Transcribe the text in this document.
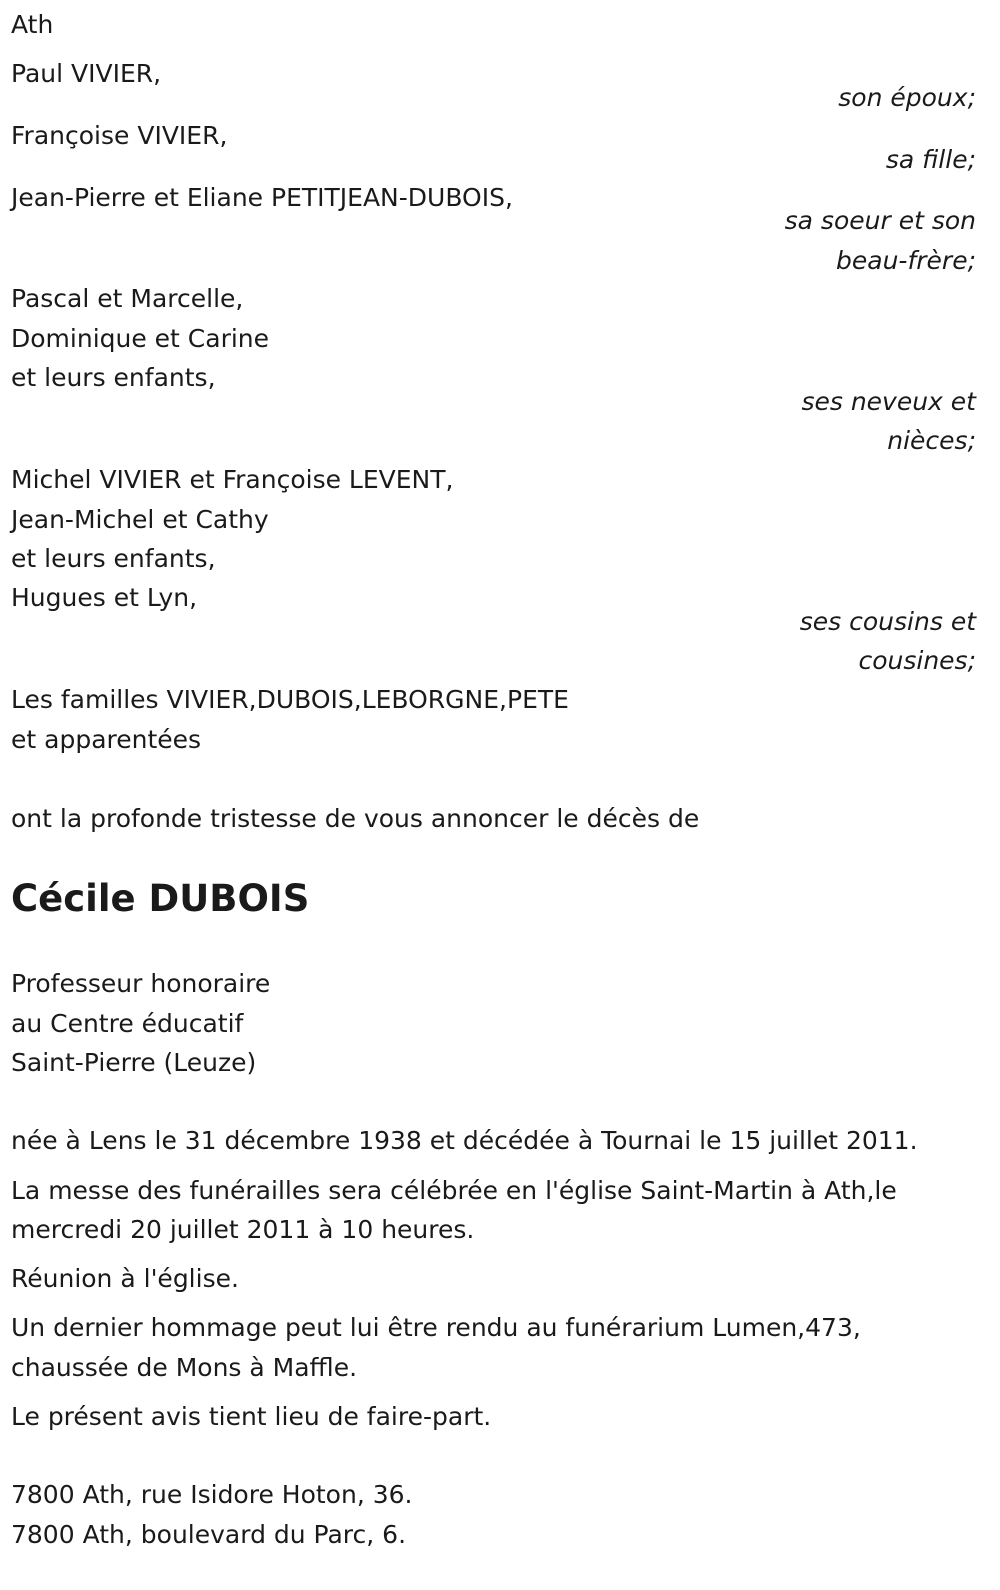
Ath
Paul VIVIER,
son époux;
Françoise VIVIER,
sa fille;
Jean-Pierre et Eliane PETITJEAN-DUBOIS,
sa soeur et son
beau-frère;
Pascal et Marcelle,
Dominique et Carine
et leurs enfants,
ses neveux et
nièces;
Michel VIVIER et Françoise LEVENT,
Jean-Michel et Cathy
et leurs enfants,
Hugues et Lyn,
ses cousins et
cousines;
Les familles VIVIER,DUBOIS,LEBORGNE,PETE
et apparentées
ont la profonde tristesse de vous annoncer le décès de
Cécile DUBOIS
Professeur honoraire
au Centre éducatif
Saint-Pierre (Leuze)
née à Lens le 31 décembre 1938 et décédée à Tournai le 15 juillet 2011.
La messe des funérailles sera célébrée en l'église Saint-Martin à Ath,le
mercredi 20 juillet 2011 à 10 heures.
Réunion à l'église.
Un dernier hommage peut lui être rendu au funérarium Lumen,473,
chaussée de Mons à Maffle.
Le présent avis tient lieu de faire-part.
7800 Ath, rue Isidore Hoton, 36.
7800 Ath, boulevard du Parc, 6.
